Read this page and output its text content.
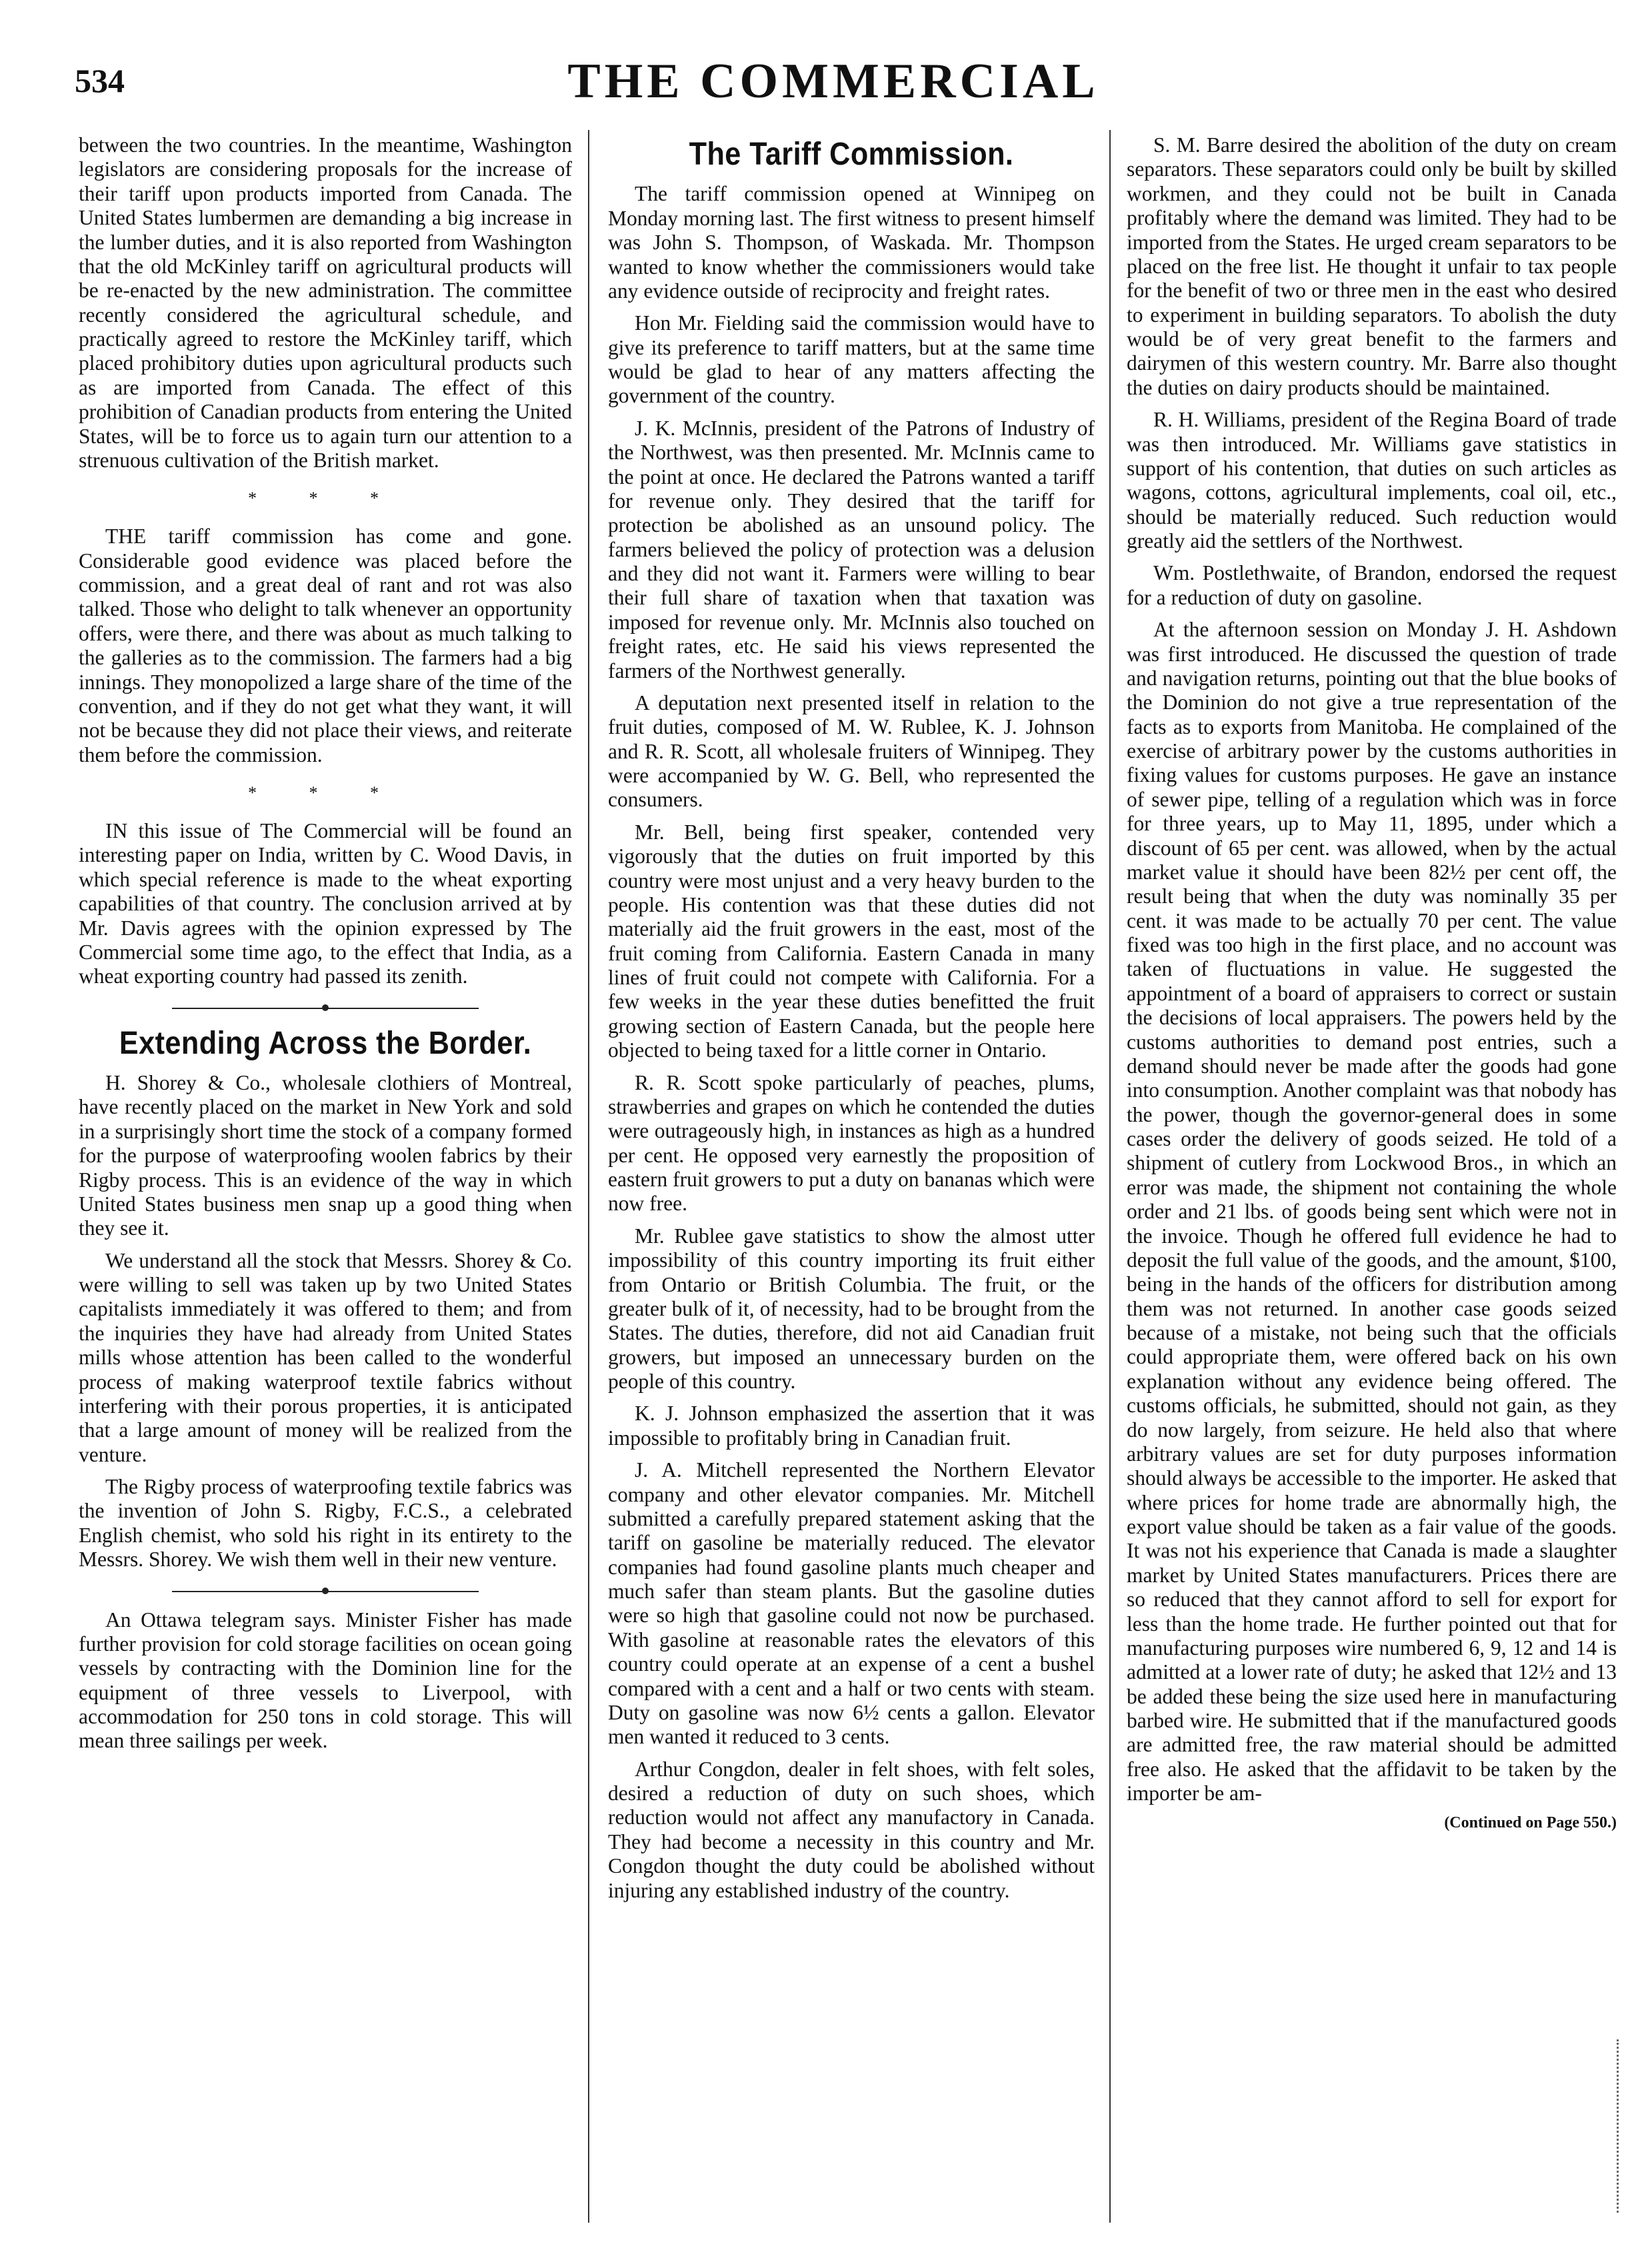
534	THE COMMERCIAL

between the two countries. In the meantime, Washington legislators are considering proposals for the increase of their tariff upon products imported from Canada. The United States lumbermen are demanding a big increase in the lumber duties, and it is also reported from Washington that the old McKinley tariff on agricultural products will be re-enacted by the new administration. The committee recently considered the agricultural schedule, and practically agreed to restore the McKinley tariff, which placed prohibitory duties upon agricultural products such as are imported from Canada. The effect of this prohibition of Canadian products from entering the United States, will be to force us to again turn our attention to a strenuous cultivation of the British market.

* * *

THE tariff commission has come and gone. Considerable good evidence was placed before the commission, and a great deal of rant and rot was also talked. Those who delight to talk whenever an opportunity offers, were there, and there was about as much talking to the galleries as to the commission. The farmers had a big innings. They monopolized a large share of the time of the convention, and if they do not get what they want, it will not be because they did not place their views, and reiterate them before the commission.

* * *

IN this issue of The Commercial will be found an interesting paper on India, written by C. Wood Davis, in which special reference is made to the wheat exporting capabilities of that country. The conclusion arrived at by Mr. Davis agrees with the opinion expressed by The Commercial some time ago, to the effect that India, as a wheat exporting country had passed its zenith.

Extending Across the Border.

H. Shorey & Co., wholesale clothiers of Montreal, have recently placed on the market in New York and sold in a surprisingly short time the stock of a company formed for the purpose of waterproofing woolen fabrics by their Rigby process. This is an evidence of the way in which United States business men snap up a good thing when they see it.

We understand all the stock that Messrs. Shorey & Co. were willing to sell was taken up by two United States capitalists immediately it was offered to them; and from the inquiries they have had already from United States mills whose attention has been called to the wonderful process of making waterproof textile fabrics without interfering with their porous properties, it is anticipated that a large amount of money will be realized from the venture.

The Rigby process of waterproofing textile fabrics was the invention of John S. Rigby, F.C.S., a celebrated English chemist, who sold his right in its entirety to the Messrs. Shorey. We wish them well in their new venture.

An Ottawa telegram says. Minister Fisher has made further provision for cold storage facilities on ocean going vessels by contracting with the Dominion line for the equipment of three vessels to Liverpool, with accommodation for 250 tons in cold storage. This will mean three sailings per week.

The Tariff Commission.

The tariff commission opened at Winnipeg on Monday morning last. The first witness to present himself was John S. Thompson, of Waskada. Mr. Thompson wanted to know whether the commissioners would take any evidence outside of reciprocity and freight rates.

Hon Mr. Fielding said the commission would have to give its preference to tariff matters, but at the same time would be glad to hear of any matters affecting the government of the country.

J. K. McInnis, president of the Patrons of Industry of the Northwest, was then presented. Mr. McInnis came to the point at once. He declared the Patrons wanted a tariff for revenue only. They desired that the tariff for protection be abolished as an unsound policy. The farmers believed the policy of protection was a delusion and they did not want it. Farmers were willing to bear their full share of taxation when that taxation was imposed for revenue only. Mr. McInnis also touched on freight rates, etc. He said his views represented the farmers of the Northwest generally.

A deputation next presented itself in relation to the fruit duties, composed of M. W. Rublee, K. J. Johnson and R. R. Scott, all wholesale fruiters of Winnipeg. They were accompanied by W. G. Bell, who represented the consumers.

Mr. Bell, being first speaker, contended very vigorously that the duties on fruit imported by this country were most unjust and a very heavy burden to the people. His contention was that these duties did not materially aid the fruit growers in the east, most of the fruit coming from California. Eastern Canada in many lines of fruit could not compete with California. For a few weeks in the year these duties benefitted the fruit growing section of Eastern Canada, but the people here objected to being taxed for a little corner in Ontario.

R. R. Scott spoke particularly of peaches, plums, strawberries and grapes on which he contended the duties were outrageously high, in instances as high as a hundred per cent. He opposed very earnestly the proposition of eastern fruit growers to put a duty on bananas which were now free.

Mr. Rublee gave statistics to show the almost utter impossibility of this country importing its fruit either from Ontario or British Columbia. The fruit, or the greater bulk of it, of necessity, had to be brought from the States. The duties, therefore, did not aid Canadian fruit growers, but imposed an unnecessary burden on the people of this country.

K. J. Johnson emphasized the assertion that it was impossible to profitably bring in Canadian fruit.

J. A. Mitchell represented the Northern Elevator company and other elevator companies. Mr. Mitchell submitted a carefully prepared statement asking that the tariff on gasoline be materially reduced. The elevator companies had found gasoline plants much cheaper and much safer than steam plants. But the gasoline duties were so high that gasoline could not now be purchased. With gasoline at reasonable rates the elevators of this country could operate at an expense of a cent a bushel compared with a cent and a half or two cents with steam. Duty on gasoline was now 6½ cents a gallon. Elevator men wanted it reduced to 3 cents.

Arthur Congdon, dealer in felt shoes, with felt soles, desired a reduction of duty on such shoes, which reduction would not affect any manufactory in Canada. They had become a necessity in this country and Mr. Congdon thought the duty could be abolished without injuring any established industry of the country.

S. M. Barre desired the abolition of the duty on cream separators. These separators could only be built by skilled workmen, and they could not be built in Canada profitably where the demand was limited. They had to be imported from the States. He urged cream separators to be placed on the free list. He thought it unfair to tax people for the benefit of two or three men in the east who desired to experiment in building separators. To abolish the duty would be of very great benefit to the farmers and dairymen of this western country. Mr. Barre also thought the duties on dairy products should be maintained.

R. H. Williams, president of the Regina Board of trade was then introduced. Mr. Williams gave statistics in support of his contention, that duties on such articles as wagons, cottons, agricultural implements, coal oil, etc., should be materially reduced. Such reduction would greatly aid the settlers of the Northwest.

Wm. Postlethwaite, of Brandon, endorsed the request for a reduction of duty on gasoline.

At the afternoon session on Monday J. H. Ashdown was first introduced. He discussed the question of trade and navigation returns, pointing out that the blue books of the Dominion do not give a true representation of the facts as to exports from Manitoba. He complained of the exercise of arbitrary power by the customs authorities in fixing values for customs purposes. He gave an instance of sewer pipe, telling of a regulation which was in force for three years, up to May 11, 1895, under which a discount of 65 per cent. was allowed, when by the actual market value it should have been 82½ per cent off, the result being that when the duty was nominally 35 per cent. it was made to be actually 70 per cent. The value fixed was too high in the first place, and no account was taken of fluctuations in value. He suggested the appointment of a board of appraisers to correct or sustain the decisions of local appraisers. The powers held by the customs authorities to demand post entries, such a demand should never be made after the goods had gone into consumption. Another complaint was that nobody has the power, though the governor-general does in some cases order the delivery of goods seized. He told of a shipment of cutlery from Lockwood Bros., in which an error was made, the shipment not containing the whole order and 21 lbs. of goods being sent which were not in the invoice. Though he offered full evidence he had to deposit the full value of the goods, and the amount, $100, being in the hands of the officers for distribution among them was not returned. In another case goods seized because of a mistake, not being such that the officials could appropriate them, were offered back on his own explanation without any evidence being offered. The customs officials, he submitted, should not gain, as they do now largely, from seizure. He held also that where arbitrary values are set for duty purposes information should always be accessible to the importer. He asked that where prices for home trade are abnormally high, the export value should be taken as a fair value of the goods. It was not his experience that Canada is made a slaughter market by United States manufacturers. Prices there are so reduced that they cannot afford to sell for export for less than the home trade. He further pointed out that for manufacturing purposes wire numbered 6, 9, 12 and 14 is admitted at a lower rate of duty; he asked that 12½ and 13 be added these being the size used here in manufacturing barbed wire. He submitted that if the manufactured goods are admitted free, the raw material should be admitted free also. He asked that the affidavit to be taken by the importer be am-

(Continued on Page 550.)
